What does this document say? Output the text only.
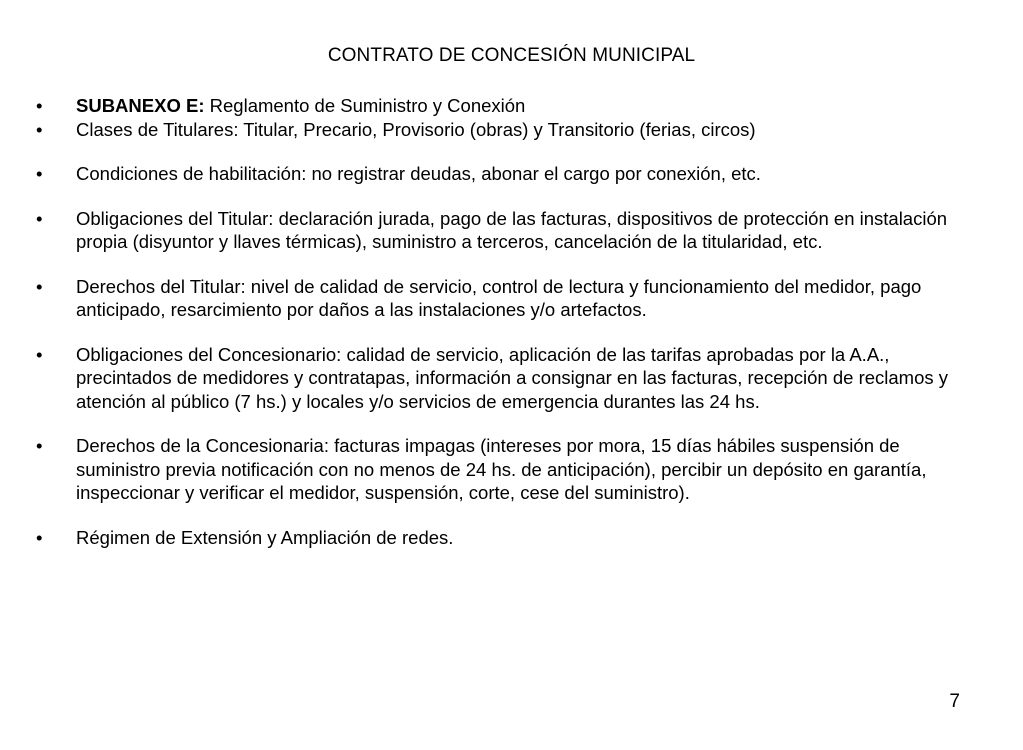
CONTRATO DE CONCESIÓN MUNICIPAL
•	SUBANEXO E: Reglamento de Suministro y Conexión
•	Clases de Titulares: Titular, Precario, Provisorio (obras) y Transitorio (ferias, circos)
•	Condiciones de habilitación: no registrar deudas, abonar el cargo por conexión, etc.
•	Obligaciones del Titular: declaración jurada, pago de las facturas, dispositivos de protección en instalación propia (disyuntor y llaves térmicas), suministro a terceros, cancelación de la titularidad, etc.
•	Derechos del Titular: nivel de calidad de servicio, control de lectura y funcionamiento del medidor, pago anticipado, resarcimiento por daños a las instalaciones y/o artefactos.
•	Obligaciones del Concesionario: calidad de servicio, aplicación de las tarifas aprobadas por la A.A., precintados de medidores y contratapas, información a consignar en las facturas, recepción de reclamos y atención al público (7 hs.) y locales y/o servicios de emergencia durantes las 24 hs.
•	Derechos de la Concesionaria: facturas impagas (intereses por mora, 15 días hábiles suspensión de suministro previa notificación con no menos de 24 hs. de anticipación), percibir un depósito en garantía, inspeccionar y verificar el medidor, suspensión, corte, cese del suministro).
•	Régimen de Extensión y Ampliación de redes.
7
